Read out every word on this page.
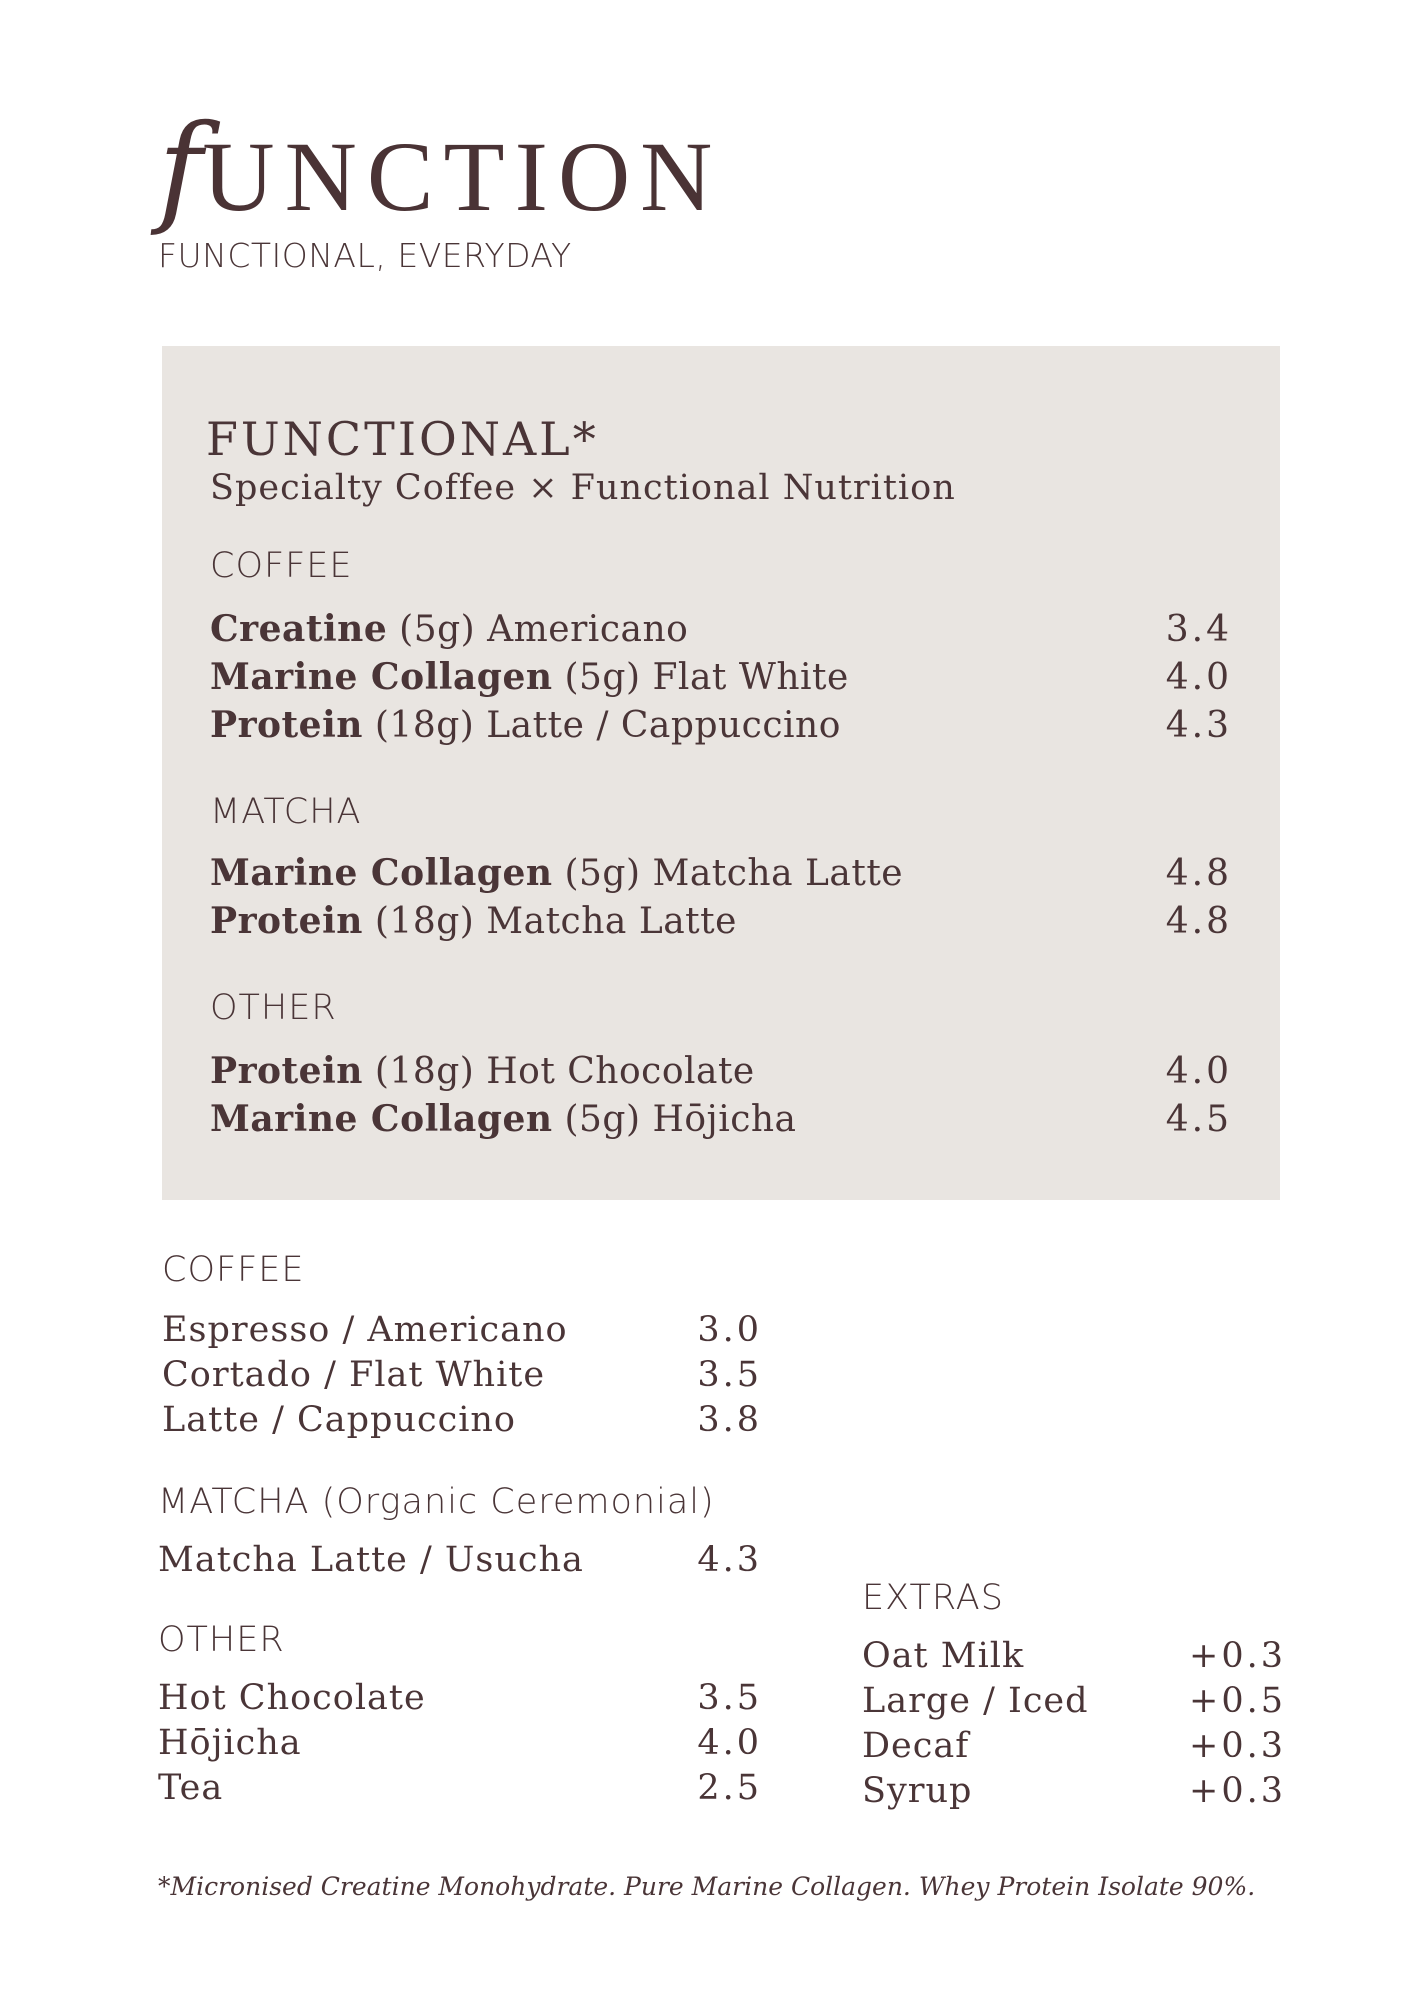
fUNCTION
FUNCTIONAL, EVERYDAY
FUNCTIONAL*
Specialty Coffee × Functional Nutrition
COFFEE
Creatine (5g) Americano	3.4
Marine Collagen (5g) Flat White	4.0
Protein (18g) Latte / Cappuccino	4.3
MATCHA
Marine Collagen (5g) Matcha Latte	4.8
Protein (18g) Matcha Latte	4.8
OTHER
Protein (18g) Hot Chocolate	4.0
Marine Collagen (5g) Hōjicha	4.5
COFFEE
Espresso / Americano	3.0
Cortado / Flat White	3.5
Latte / Cappuccino	3.8
MATCHA (Organic Ceremonial)
Matcha Latte / Usucha	4.3
OTHER
Hot Chocolate	3.5
Hōjicha	4.0
Tea	2.5
EXTRAS
Oat Milk	+0.3
Large / Iced	+0.5
Decaf	+0.3
Syrup	+0.3
*Micronised Creatine Monohydrate. Pure Marine Collagen. Whey Protein Isolate 90%.
